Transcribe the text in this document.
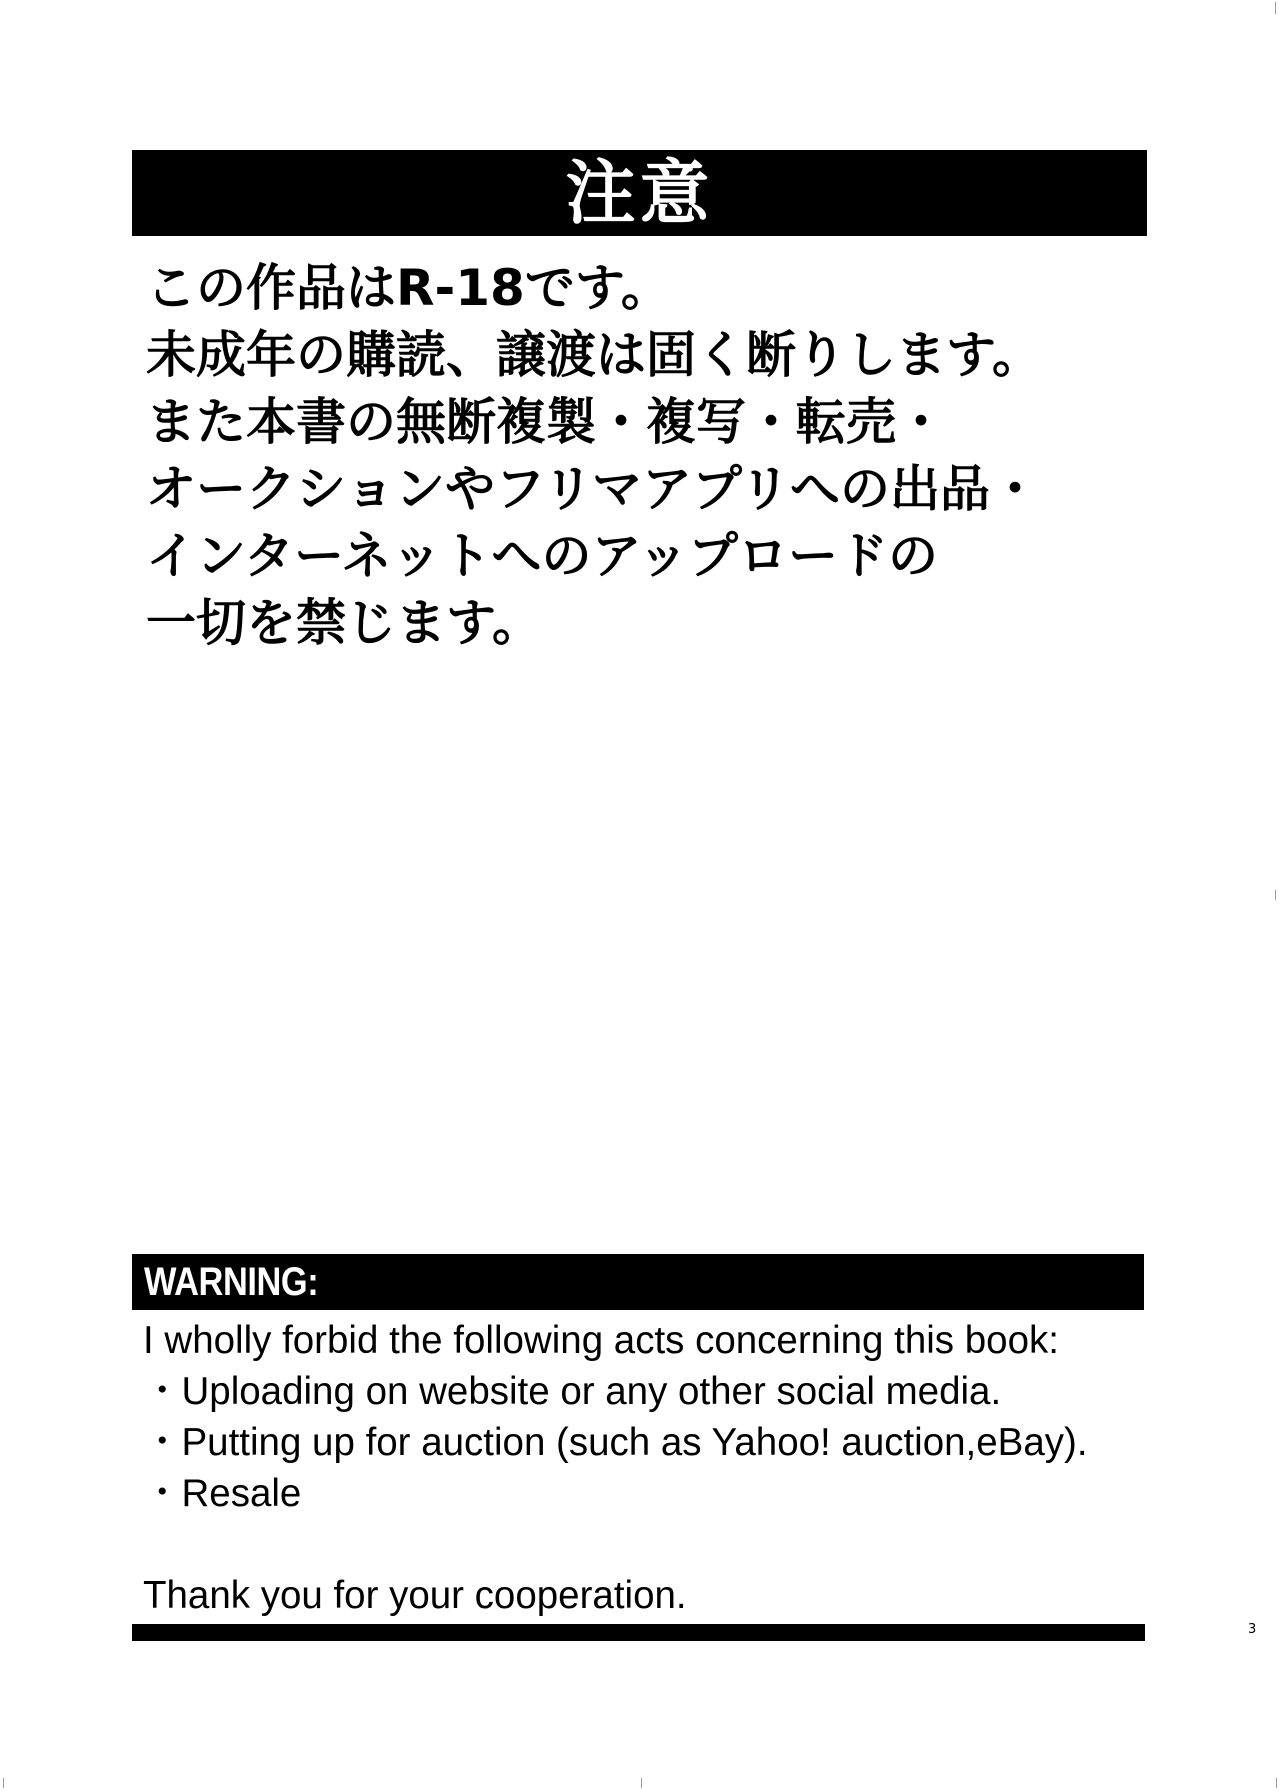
注意
この作品はR-18です。
未成年の購読、譲渡は固く断りします。
また本書の無断複製・複写・転売・
オークションやフリマアプリへの出品・
インターネットへのアップロードの
一切を禁じます。
WARNING:
I wholly forbid the following acts concerning this book:
・Uploading on website or any other social media.
・Putting up for auction (such as Yahoo! auction,eBay).
・Resale
Thank you for your cooperation.
3
